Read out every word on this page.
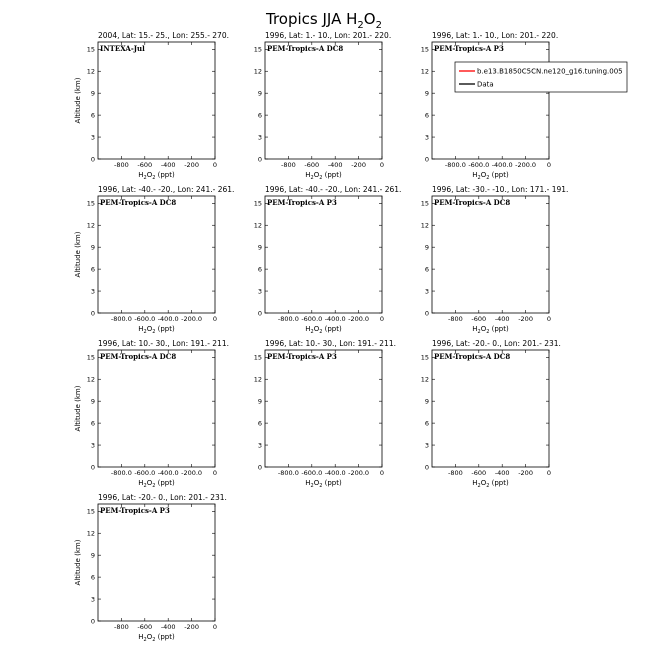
Tropics JJA $H_2O_2$
2004, Lat: 15.- 25., Lon: 255.- 270.
INTEXA-Jul
0
3
6
9
12
15
-800 -600 -400 -200 0
$H_2O_2$ (ppt)
Altitude (km)
1996, Lat: 1.- 10., Lon: 201.- 220.
PEM-Tropics-A DC8
0
3
6
9
12
15
-800 -600 -400 -200 0
$H_2O_2$ (ppt)
1996, Lat: 1.- 10., Lon: 201.- 220.
PEM-Tropics-A P3
0
3
6
9
12
15
-800.0 -600.0 -400.0 -200.0 0
$H_2O_2$ (ppt)
1996, Lat: -40.- -20., Lon: 241.- 261.
PEM-Tropics-A DC8
0
3
6
9
12
15
-800.0 -600.0 -400.0 -200.0 0
$H_2O_2$ (ppt)
Altitude (km)
1996, Lat: -40.- -20., Lon: 241.- 261.
PEM-Tropics-A P3
0
3
6
9
12
15
-800.0 -600.0 -400.0 -200.0 0
$H_2O_2$ (ppt)
1996, Lat: -30.- -10., Lon: 171.- 191.
PEM-Tropics-A DC8
0
3
6
9
12
15
-800 -600 -400 -200 0
$H_2O_2$ (ppt)
1996, Lat: 10.- 30., Lon: 191.- 211.
PEM-Tropics-A DC8
0
3
6
9
12
15
-800.0 -600.0 -400.0 -200.0 0
$H_2O_2$ (ppt)
Altitude (km)
1996, Lat: 10.- 30., Lon: 191.- 211.
PEM-Tropics-A P3
0
3
6
9
12
15
-800.0 -600.0 -400.0 -200.0 0
$H_2O_2$ (ppt)
1996, Lat: -20.- 0., Lon: 201.- 231.
PEM-Tropics-A DC8
0
3
6
9
12
15
-800 -600 -400 -200 0
$H_2O_2$ (ppt)
1996, Lat: -20.- 0., Lon: 201.- 231.
PEM-Tropics-A P3
0
3
6
9
12
15
-800 -600 -400 -200 0
$H_2O_2$ (ppt)
Altitude (km)
b.e13.B1850C5CN.ne120_g16.tuning.005
Data
